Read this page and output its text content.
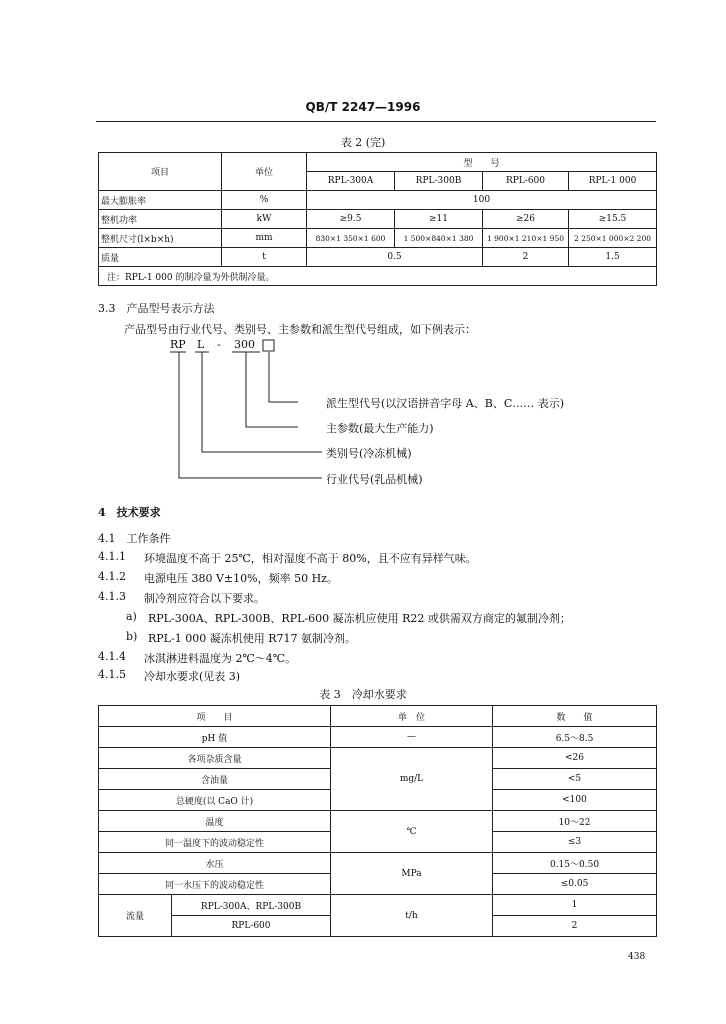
QB/T 2247—1996
表 2 (完)
项目	单位	型　　号			
		RPL-300A	RPL-300B	RPL-600	RPL-1 000
最大膨胀率	%	100			
整机功率	kW	≥9.5	≥11	≥26	≥15.5
整机尺寸(l×b×h)	mm	830×1 350×1 600	1 500×840×1 380	1 900×1 210×1 950	2 250×1 000×2 200
质量	t	0.5		2	1.5
注：RPL-1 000 的制冷量为外供制冷量。					
3.3　产品型号表示方法
产品型号由行业代号、类别号、主参数和派生型代号组成，如下例表示：
RP L - 300
派生型代号(以汉语拼音字母 A、B、C…… 表示)
主参数(最大生产能力)
类别号(冷冻机械)
行业代号(乳品机械)
4　技术要求
4.1　工作条件
4.1.1 环境温度不高于 25℃，相对湿度不高于 80%，且不应有异样气味。
4.1.2 电源电压 380 V±10%，频率 50 Hz。
4.1.3 制冷剂应符合以下要求。
a) RPL-300A、RPL-300B、RPL-600 凝冻机应使用 R22 或供需双方商定的氟制冷剂；
b) RPL-1 000 凝冻机使用 R717 氨制冷剂。
4.1.4 冰淇淋进料温度为 2℃～4℃。
4.1.5 冷却水要求(见表 3)
表 3　冷却水要求
项　　目		单　位	数　　值
pH 值		—	6.5～8.5
各项杂质含量		mg/L	<26
含油量			<5
总硬度(以 CaO 计)			<100
温度		℃	10～22
同一温度下的波动稳定性			≤3
水压		MPa	0.15～0.50
同一水压下的波动稳定性			≤0.05
流量	RPL-300A、RPL-300B	t/h	1
	RPL-600		2
438
